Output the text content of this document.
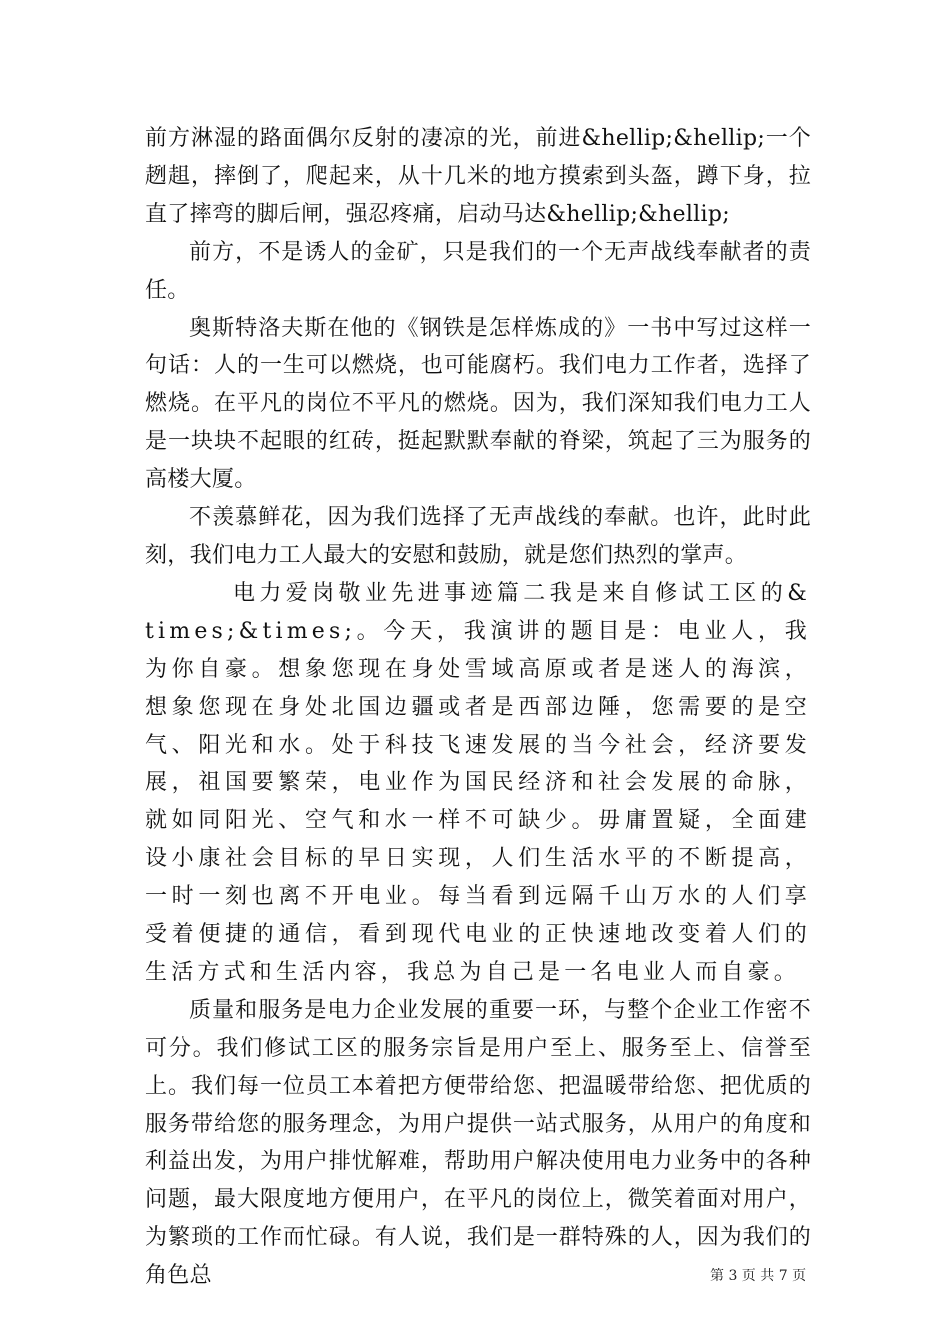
前方淋湿的路面偶尔反射的凄凉的光，前进&hellip;&hellip;一个趔趄，摔倒了，爬起来，从十几米的地方摸索到头盔，蹲下身，拉直了摔弯的脚后闸，强忍疼痛，启动马达&hellip;&hellip;

前方，不是诱人的金矿，只是我们的一个无声战线奉献者的责任。

奥斯特洛夫斯在他的《钢铁是怎样炼成的》一书中写过这样一句话：人的一生可以燃烧，也可能腐朽。我们电力工作者，选择了燃烧。在平凡的岗位不平凡的燃烧。因为，我们深知我们电力工人是一块块不起眼的红砖，挺起默默奉献的脊梁，筑起了三为服务的高楼大厦。

不羡慕鲜花，因为我们选择了无声战线的奉献。也许，此时此刻，我们电力工人最大的安慰和鼓励，就是您们热烈的掌声。

电力爱岗敬业先进事迹篇二我是来自修试工区的&times;&times;。今天，我演讲的题目是：电业人，我为你自豪。想象您现在身处雪域高原或者是迷人的海滨，想象您现在身处北国边疆或者是西部边陲，您需要的是空气、阳光和水。处于科技飞速发展的当今社会，经济要发展，祖国要繁荣，电业作为国民经济和社会发展的命脉，就如同阳光、空气和水一样不可缺少。毋庸置疑，全面建设小康社会目标的早日实现，人们生活水平的不断提高，一时一刻也离不开电业。每当看到远隔千山万水的人们享受着便捷的通信，看到现代电业的正快速地改变着人们的生活方式和生活内容，我总为自己是一名电业人而自豪。

质量和服务是电力企业发展的重要一环，与整个企业工作密不可分。我们修试工区的服务宗旨是用户至上、服务至上、信誉至上。我们每一位员工本着把方便带给您、把温暖带给您、把优质的服务带给您的服务理念，为用户提供一站式服务，从用户的角度和利益出发，为用户排忧解难，帮助用户解决使用电力业务中的各种问题，最大限度地方便用户，在平凡的岗位上，微笑着面对用户，为繁琐的工作而忙碌。有人说，我们是一群特殊的人，因为我们的角色总	第 3 页 共 7 页
